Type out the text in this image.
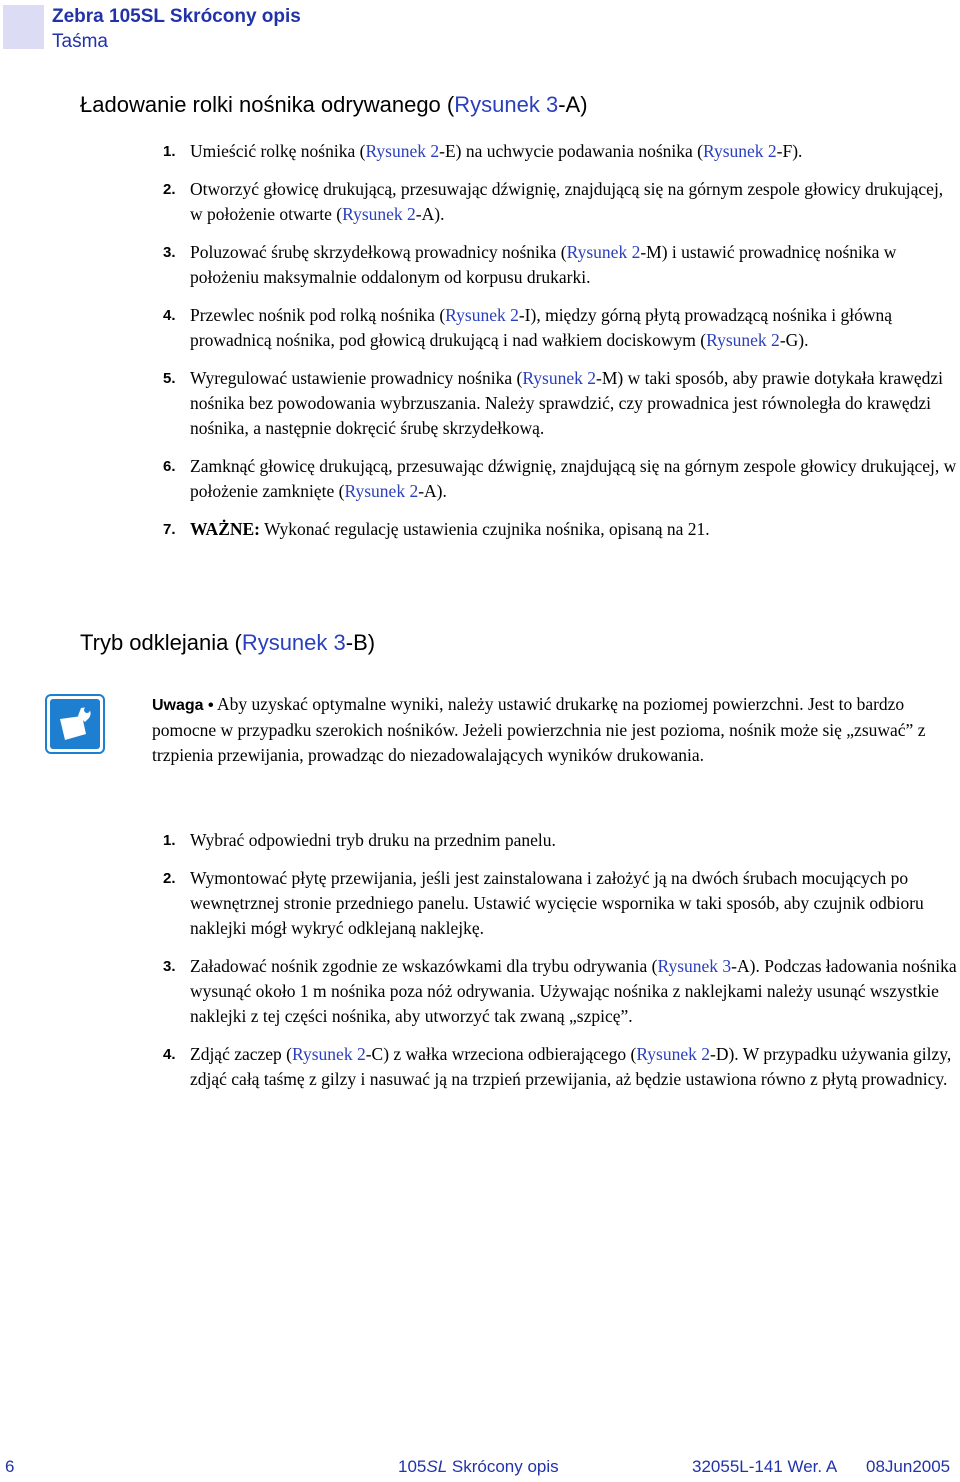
Zebra 105SL Skrócony opis
Taśma
Ładowanie rolki nośnika odrywanego (Rysunek 3-A)
1. Umieścić rolkę nośnika (Rysunek 2-E) na uchwycie podawania nośnika (Rysunek 2-F).
2. Otworzyć głowicę drukującą, przesuwając dźwignię, znajdującą się na górnym zespole głowicy drukującej, w położenie otwarte (Rysunek 2-A).
3. Poluzować śrubę skrzydełkową prowadnicy nośnika (Rysunek 2-M) i ustawić prowadnicę nośnika w położeniu maksymalnie oddalonym od korpusu drukarki.
4. Przewlec nośnik pod rolką nośnika (Rysunek 2-I), między górną płytą prowadzącą nośnika i główną prowadnicą nośnika, pod głowicą drukującą i nad wałkiem dociskowym (Rysunek 2-G).
5. Wyregulować ustawienie prowadnicy nośnika (Rysunek 2-M) w taki sposób, aby prawie dotykała krawędzi nośnika bez powodowania wybrzuszania. Należy sprawdzić, czy prowadnica jest równoległa do krawędzi nośnika, a następnie dokręcić śrubę skrzydełkową.
6. Zamknąć głowicę drukującą, przesuwając dźwignię, znajdującą się na górnym zespole głowicy drukującej, w położenie zamknięte (Rysunek 2-A).
7. WAŻNE: Wykonać regulację ustawienia czujnika nośnika, opisaną na 21.
Tryb odklejania (Rysunek 3-B)
Uwaga • Aby uzyskać optymalne wyniki, należy ustawić drukarkę na poziomej powierzchni. Jest to bardzo pomocne w przypadku szerokich nośników. Jeżeli powierzchnia nie jest pozioma, nośnik może się „zsuwać” z trzpienia przewijania, prowadząc do niezadowalających wyników drukowania.
1. Wybrać odpowiedni tryb druku na przednim panelu.
2. Wymontować płytę przewijania, jeśli jest zainstalowana i założyć ją na dwóch śrubach mocujących po wewnętrznej stronie przedniego panelu. Ustawić wycięcie wspornika w taki sposób, aby czujnik odbioru naklejki mógł wykryć odklejaną naklejkę.
3. Załadować nośnik zgodnie ze wskazówkami dla trybu odrywania (Rysunek 3-A). Podczas ładowania nośnika wysunąć około 1 m nośnika poza nóż odrywania. Używając nośnika z naklejkami należy usunąć wszystkie naklejki z tej części nośnika, aby utworzyć tak zwaną „szpicę”.
4. Zdjąć zaczep (Rysunek 2-C) z wałka wrzeciona odbierającego (Rysunek 2-D). W przypadku używania gilzy, zdjąć całą taśmę z gilzy i nasuwać ją na trzpień przewijania, aż będzie ustawiona równo z płytą prowadnicy.
6	105SL Skrócony opis	32055L-141 Wer. A 08Jun2005
